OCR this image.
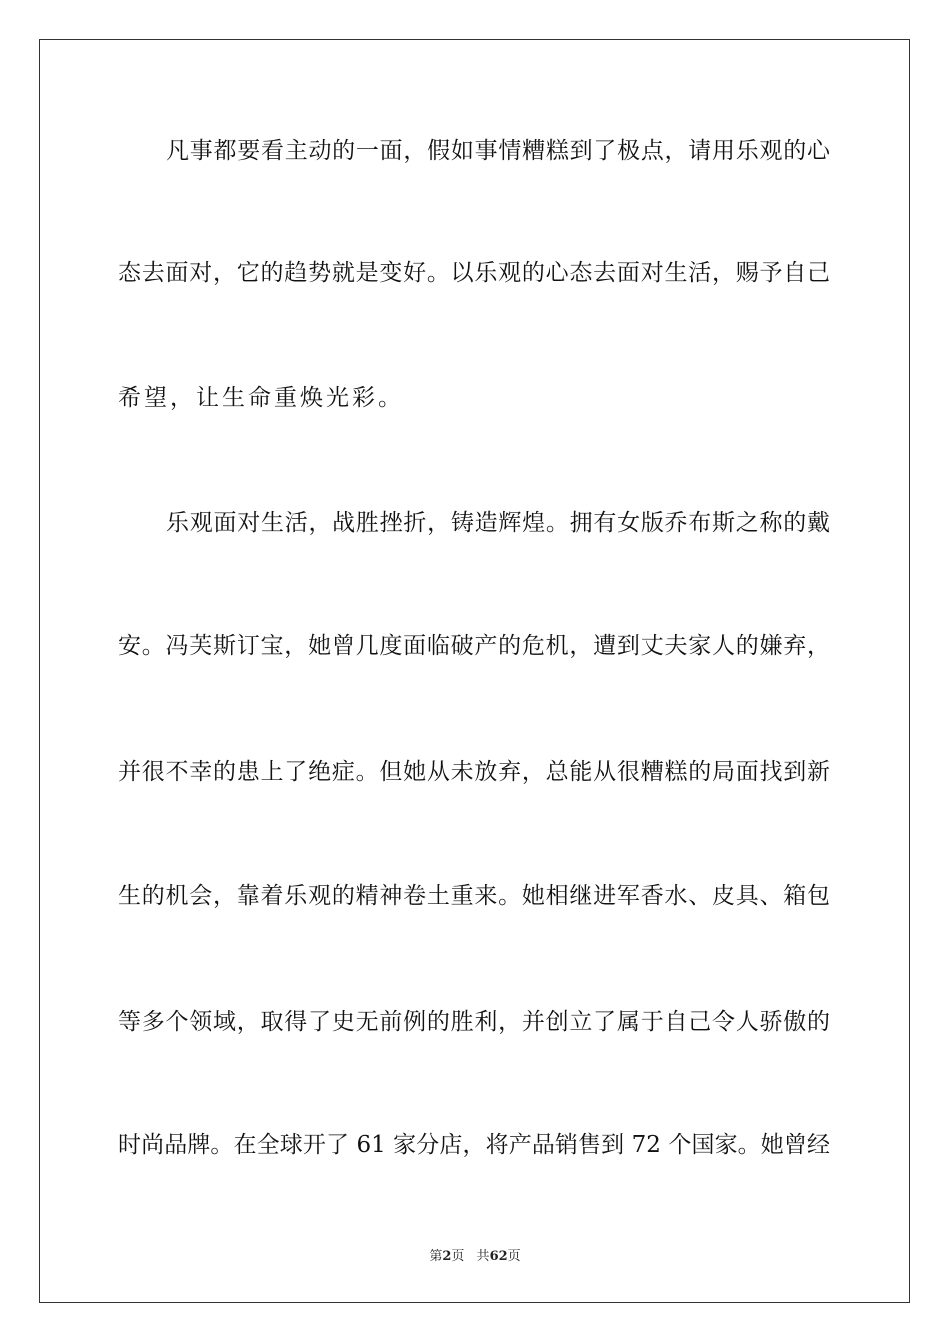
凡事都要看主动的一面，假如事情糟糕到了极点，请用乐观的心
态去面对，它的趋势就是变好。以乐观的心态去面对生活，赐予自己
希望，让生命重焕光彩。
乐观面对生活，战胜挫折，铸造辉煌。拥有女版乔布斯之称的戴
安。冯芙斯订宝，她曾几度面临破产的危机，遭到丈夫家人的嫌弃，
并很不幸的患上了绝症。但她从未放弃，总能从很糟糕的局面找到新
生的机会，靠着乐观的精神卷土重来。她相继进军香水、皮具、箱包
等多个领域，取得了史无前例的胜利，并创立了属于自己令人骄傲的
时尚品牌。在全球开了 61 家分店，将产品销售到 72 个国家。她曾经
第2页 共62页
